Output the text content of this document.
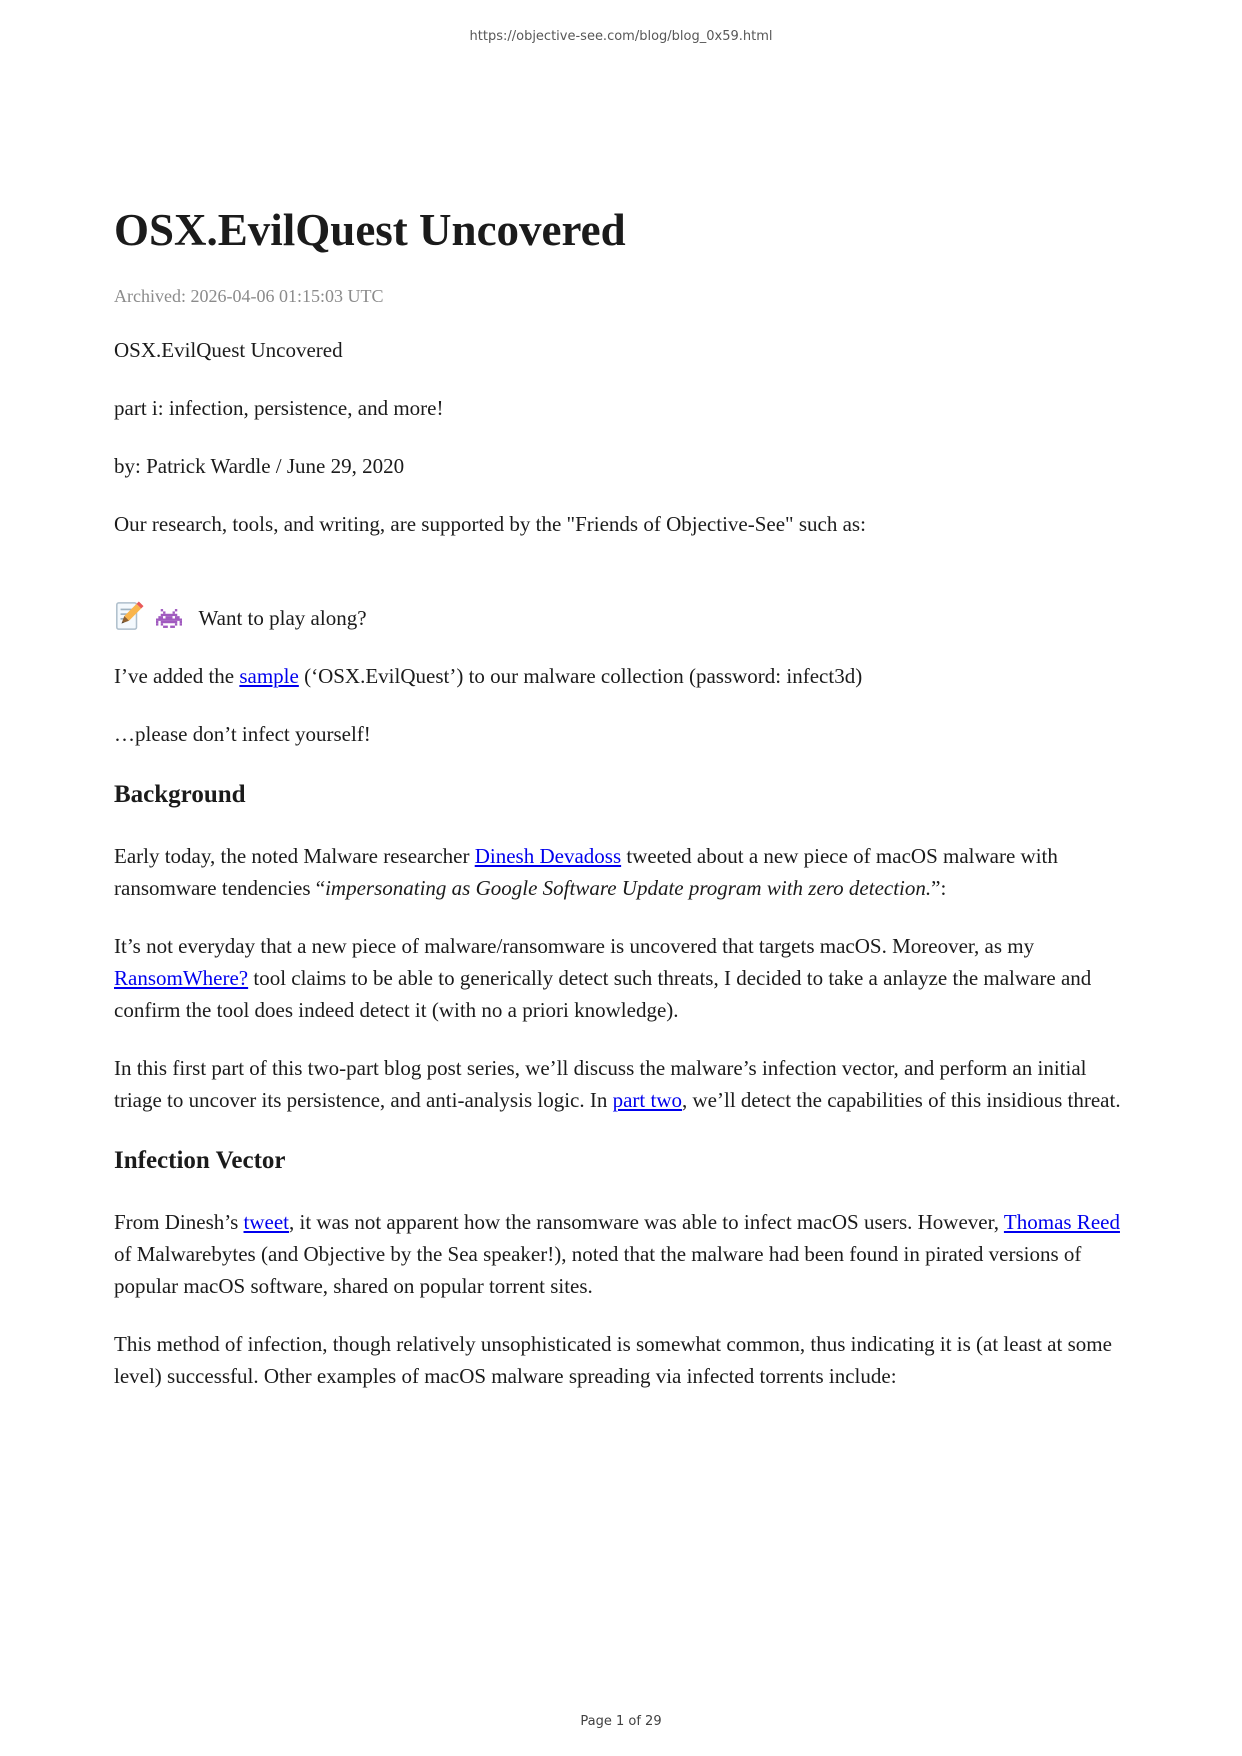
https://objective-see.com/blog/blog_0x59.html
OSX.EvilQuest Uncovered

Archived: 2026-04-06 01:15:03 UTC

OSX.EvilQuest Uncovered

part i: infection, persistence, and more!

by: Patrick Wardle / June 29, 2020

Our research, tools, and writing, are supported by the "Friends of Objective-See" such as:

Want to play along?

I’ve added the sample (‘OSX.EvilQuest’) to our malware collection (password: infect3d)

…please don’t infect yourself!

Background

Early today, the noted Malware researcher Dinesh Devadoss tweeted about a new piece of macOS malware with ransomware tendencies “impersonating as Google Software Update program with zero detection.”:

It’s not everyday that a new piece of malware/ransomware is uncovered that targets macOS. Moreover, as my RansomWhere? tool claims to be able to generically detect such threats, I decided to take a anlayze the malware and confirm the tool does indeed detect it (with no a priori knowledge).

In this first part of this two-part blog post series, we’ll discuss the malware’s infection vector, and perform an initial triage to uncover its persistence, and anti-analysis logic. In part two, we’ll detect the capabilities of this insidious threat.

Infection Vector

From Dinesh’s tweet, it was not apparent how the ransomware was able to infect macOS users. However, Thomas Reed of Malwarebytes (and Objective by the Sea speaker!), noted that the malware had been found in pirated versions of popular macOS software, shared on popular torrent sites.

This method of infection, though relatively unsophisticated is somewhat common, thus indicating it is (at least at some level) successful. Other examples of macOS malware spreading via infected torrents include:

Page 1 of 29
